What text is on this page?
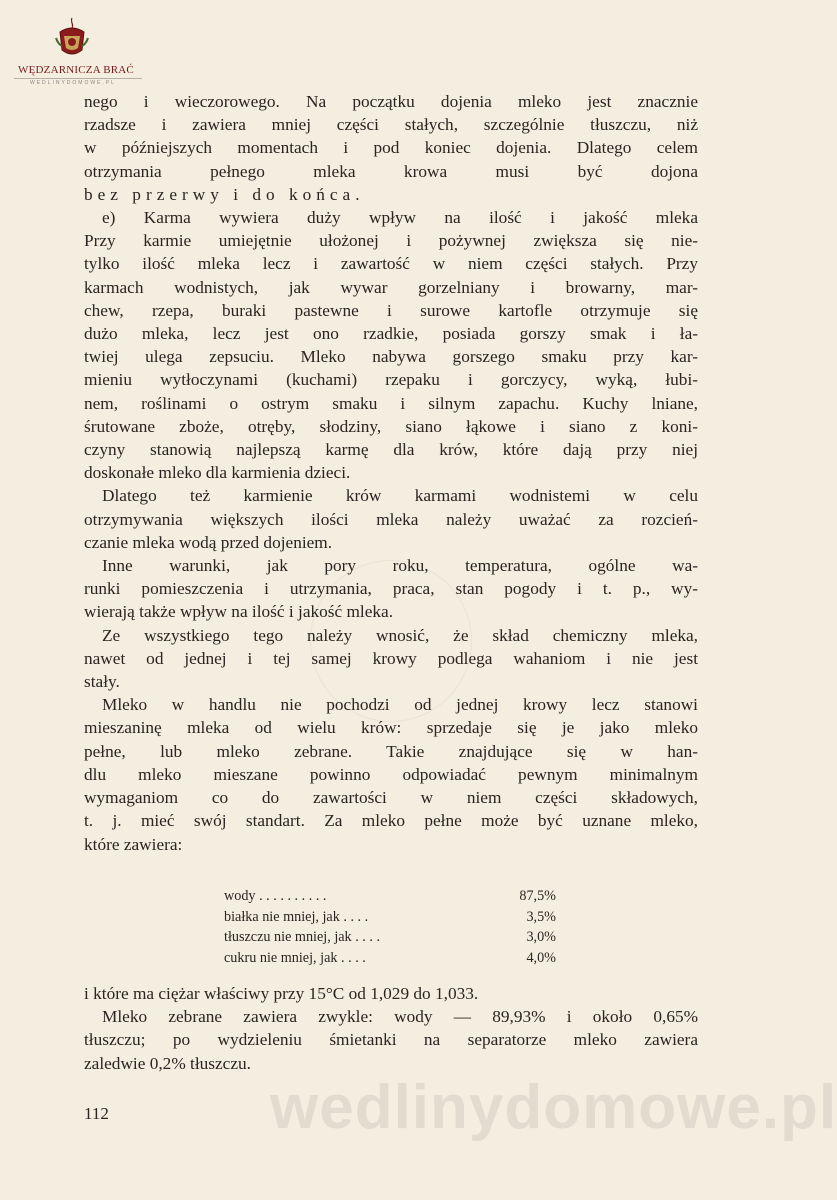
WĘDZARNICZA BRAĆ
WEDLINYDOMOWE.PL
nego i wieczorowego. Na początku dojenia mleko jest znacznie
rzadsze i zawiera mniej części stałych, szczególnie tłuszczu, niż
w późniejszych momentach i pod koniec dojenia. Dlatego celem
otrzymania pełnego mleka krowa musi być dojona
bez przerwy i do końca.
e) Karma wywiera duży wpływ na ilość i jakość mleka
Przy karmie umiejętnie ułożonej i pożywnej zwiększa się nie-
tylko ilość mleka lecz i zawartość w niem części stałych. Przy
karmach wodnistych, jak wywar gorzelniany i browarny, mar-
chew, rzepa, buraki pastewne i surowe kartofle otrzymuje się
dużo mleka, lecz jest ono rzadkie, posiada gorszy smak i ła-
twiej ulega zepsuciu. Mleko nabywa gorszego smaku przy kar-
mieniu wytłoczynami (kuchami) rzepaku i gorczycy, wyką, łubi-
nem, roślinami o ostrym smaku i silnym zapachu. Kuchy lniane,
śrutowane zboże, otręby, słodziny, siano łąkowe i siano z koni-
czyny stanowią najlepszą karmę dla krów, które dają przy niej
doskonałe mleko dla karmienia dzieci.
Dlatego też karmienie krów karmami wodnistemi w celu
otrzymywania większych ilości mleka należy uważać za rozcień-
czanie mleka wodą przed dojeniem.
Inne warunki, jak pory roku, temperatura, ogólne wa-
runki pomieszczenia i utrzymania, praca, stan pogody i t. p., wy-
wierają także wpływ na ilość i jakość mleka.
Ze wszystkiego tego należy wnosić, że skład chemiczny mleka,
nawet od jednej i tej samej krowy podlega wahaniom i nie jest
stały.
Mleko w handlu nie pochodzi od jednej krowy lecz stanowi
mieszaninę mleka od wielu krów: sprzedaje się je jako mleko
pełne, lub mleko zebrane. Takie znajdujące się w han-
dlu mleko mieszane powinno odpowiadać pewnym minimalnym
wymaganiom co do zawartości w niem części składowych,
t. j. mieć swój standart. Za mleko pełne może być uznane mleko,
które zawiera:
wody . . . . . . . . . .	87,5%
białka nie mniej, jak . . . .	3,5%
tłuszczu nie mniej, jak . . . .	3,0%
cukru nie mniej, jak . . . .	4,0%
i które ma ciężar właściwy przy 15°C od 1,029 do 1,033.
Mleko zebrane zawiera zwykle: wody — 89,93% i około 0,65%
tłuszczu; po wydzieleniu śmietanki na separatorze mleko zawiera
zaledwie 0,2% tłuszczu.
wedlinydomowe.pl
112
